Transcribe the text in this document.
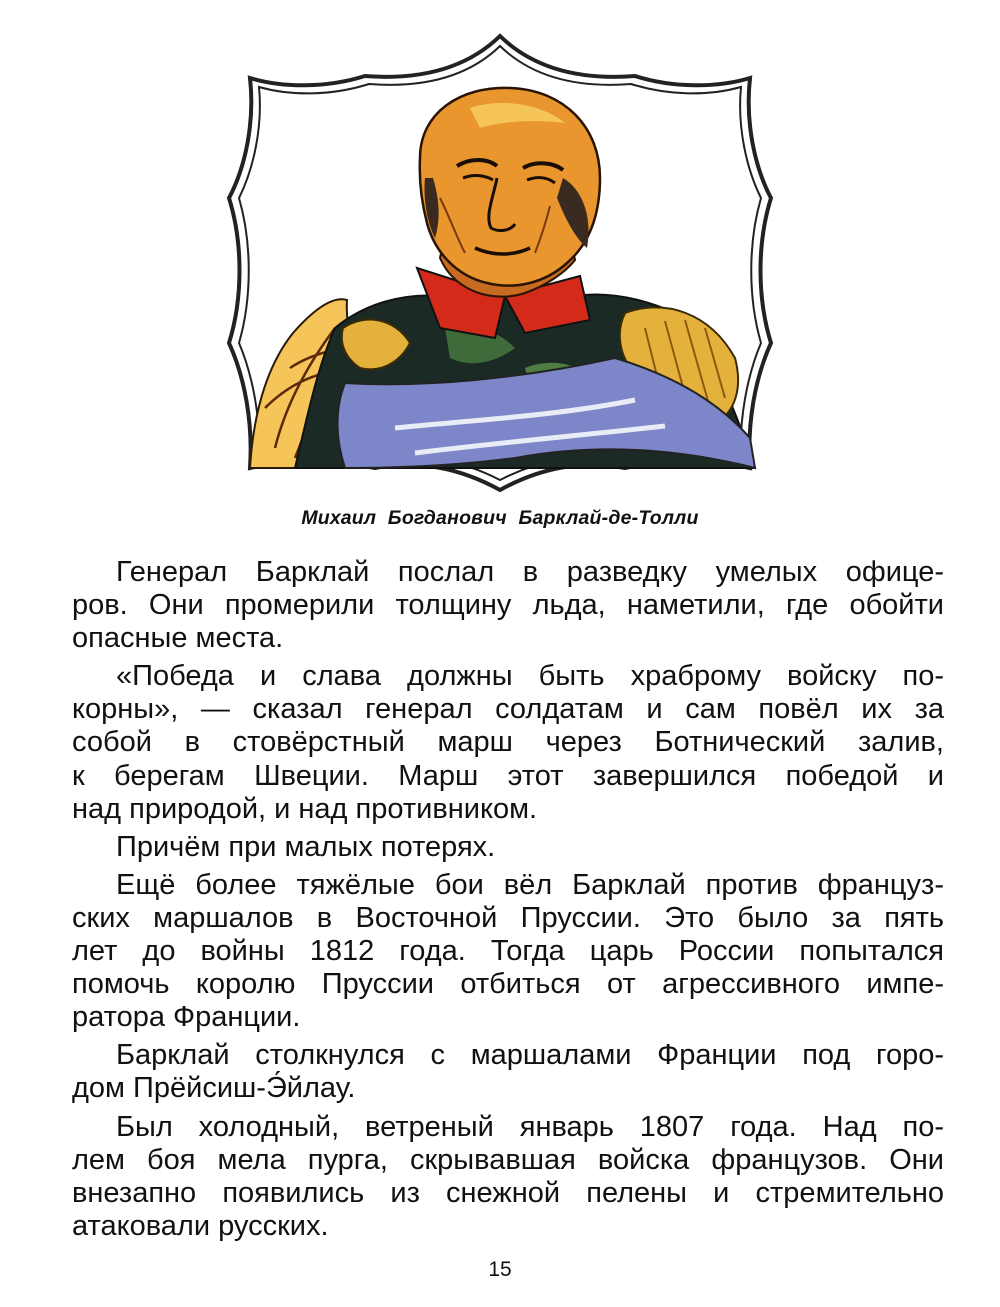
Михаил Богданович Барклай-де-Толли
Генерал Барклай послал в разведку умелых офице-
ров. Они промерили толщину льда, наметили, где обойти
опасные места.
«Победа и слава должны быть храброму войску по-
корны», — сказал генерал солдатам и сам повёл их за
собой в стовёрстный марш через Ботнический залив,
к берегам Швеции. Марш этот завершился победой и
над природой, и над противником.
Причём при малых потерях.
Ещё более тяжёлые бои вёл Барклай против француз-
ских маршалов в Восточной Пруссии. Это было за пять
лет до войны 1812 года. Тогда царь России попытался
помочь королю Пруссии отбиться от агрессивного импе-
ратора Франции.
Барклай столкнулся с маршалами Франции под горо-
дом Прёйсиш-Э́йлау.
Был холодный, ветреный январь 1807 года. Над по-
лем боя мела пурга, скрывавшая войска французов. Они
внезапно появились из снежной пелены и стремительно
атаковали русских.
15
